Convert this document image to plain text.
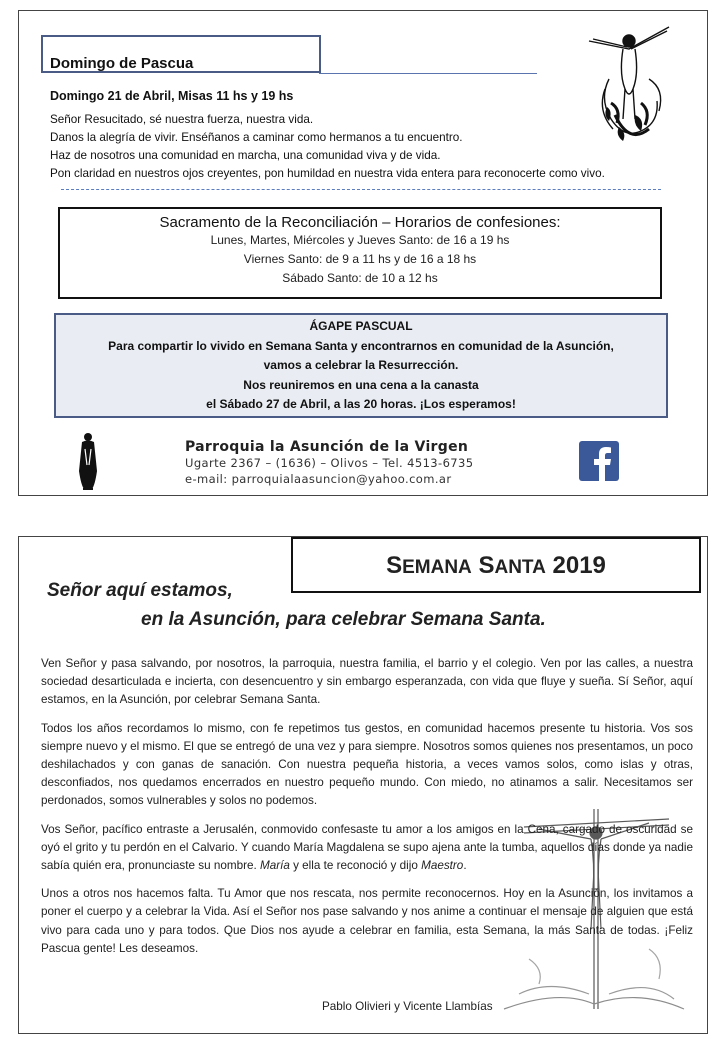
Domingo de Pascua
Domingo 21 de Abril, Misas 11 hs y 19 hs
Señor Resucitado, sé nuestra fuerza, nuestra vida.
Danos la alegría de vivir. Enséñanos a caminar como hermanos a tu encuentro.
Haz de nosotros una comunidad en marcha, una comunidad viva y de vida.
Pon claridad en nuestros ojos creyentes, pon humildad en nuestra vida entera para reconocerte como vivo.
Sacramento de la Reconciliación – Horarios de confesiones:
Lunes, Martes, Miércoles y Jueves Santo: de 16 a 19 hs
Viernes Santo: de 9 a 11 hs y de 16 a 18 hs
Sábado Santo: de 10 a 12 hs
ÁGAPE PASCUAL
Para compartir lo vivido en Semana Santa y encontrarnos en comunidad de la Asunción,
vamos a celebrar la Resurrección.
Nos reuniremos en una cena a la canasta
el Sábado 27 de Abril, a las 20 horas. ¡Los esperamos!
Parroquia la Asunción de la Virgen
Ugarte 2367 – (1636) – Olivos – Tel. 4513-6735
e-mail: parroquialaasuncion@yahoo.com.ar
SEMANA SANTA 2019
Señor aquí estamos,
en la Asunción, para celebrar Semana Santa.

Ven Señor y pasa salvando, por nosotros, la parroquia, nuestra familia, el barrio y el colegio. Ven por las calles, a nuestra sociedad desarticulada e incierta, con desencuentro y sin embargo esperanzada, con vida que fluye y sueña. Sí Señor, aquí estamos, en la Asunción, por celebrar Semana Santa.

Todos los años recordamos lo mismo, con fe repetimos tus gestos, en comunidad hacemos presente tu historia. Vos sos siempre nuevo y el mismo. El que se entregó de una vez y para siempre. Nosotros somos quienes nos presentamos, un poco deshilachados y con ganas de sanación. Con nuestra pequeña historia, a veces vamos solos, como islas y otras, desconfiados, nos quedamos encerrados en nuestro pequeño mundo. Con miedo, no atinamos a salir. Necesitamos ser perdonados, somos vulnerables y solos no podemos.

Vos Señor, pacífico entraste a Jerusalén, conmovido confesaste tu amor a los amigos en la Cena, cargado de oscuridad se oyó el grito y tu perdón en el Calvario. Y cuando María Magdalena se supo ajena ante la tumba, aquellos días donde ya nadie sabía quién era, pronunciaste su nombre. María y ella te reconoció y dijo Maestro.

Unos a otros nos hacemos falta. Tu Amor que nos rescata, nos permite reconocernos. Hoy en la Asunción, los invitamos a poner el cuerpo y a celebrar la Vida. Así el Señor nos pase salvando y nos anime a continuar el mensaje de alguien que está vivo para cada uno y para todos. Que Dios nos ayude a celebrar en familia, esta Semana, la más Santa de todas. ¡Feliz Pascua gente! Les deseamos.

Pablo Olivieri y Vicente Llambías
